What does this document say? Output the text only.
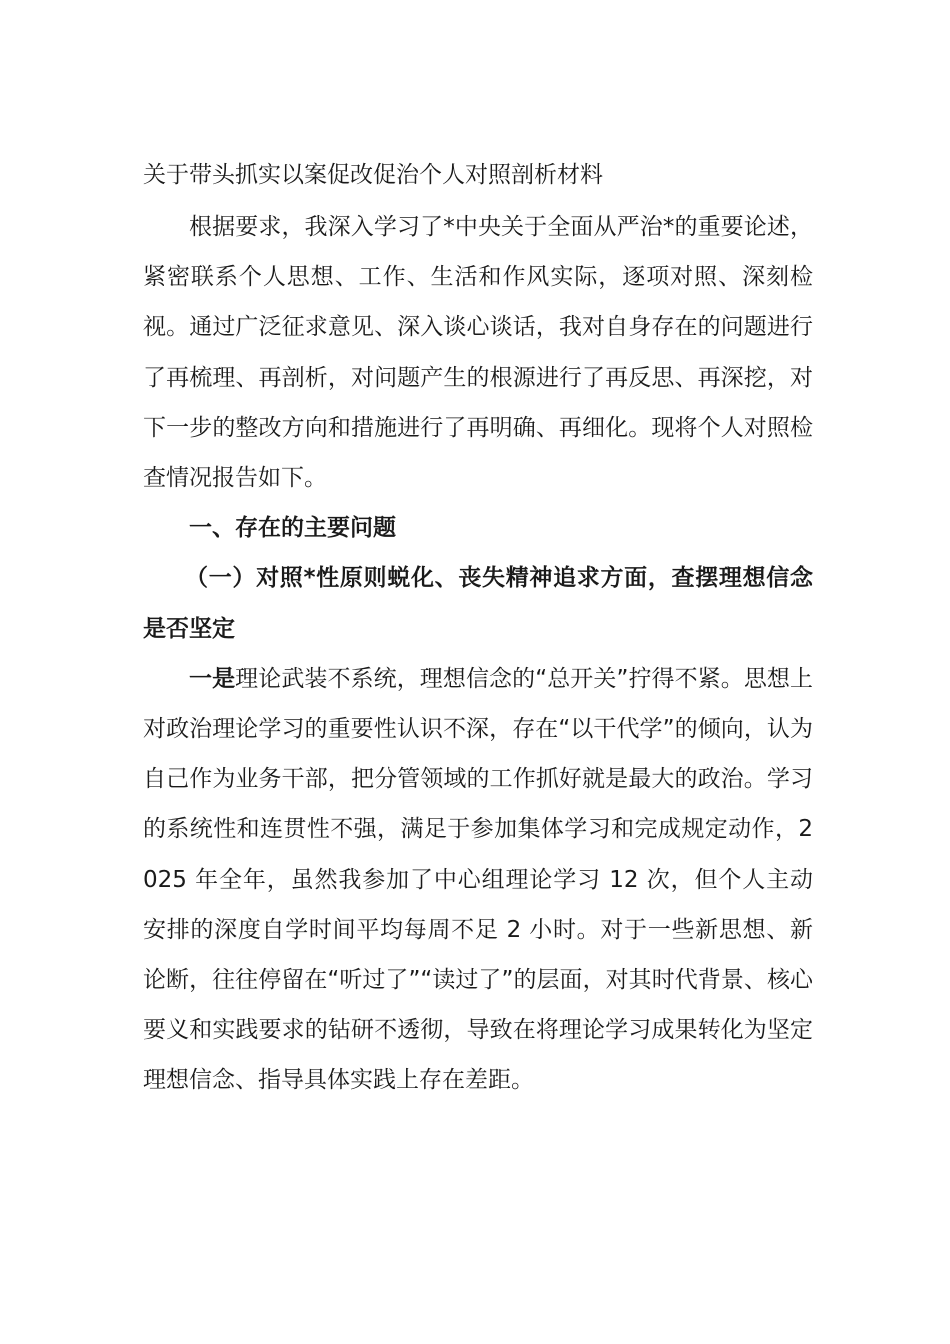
关于带头抓实以案促改促治个人对照剖析材料

根据要求，我深入学习了*中央关于全面从严治*的重要论述，紧密联系个人思想、工作、生活和作风实际，逐项对照、深刻检视。通过广泛征求意见、深入谈心谈话，我对自身存在的问题进行了再梳理、再剖析，对问题产生的根源进行了再反思、再深挖，对下一步的整改方向和措施进行了再明确、再细化。现将个人对照检查情况报告如下。

一、存在的主要问题

（一）对照*性原则蜕化、丧失精神追求方面，查摆理想信念是否坚定

一是理论武装不系统，理想信念的“总开关”拧得不紧。思想上对政治理论学习的重要性认识不深，存在“以干代学”的倾向，认为自己作为业务干部，把分管领域的工作抓好就是最大的政治。学习的系统性和连贯性不强，满足于参加集体学习和完成规定动作，2025 年全年，虽然我参加了中心组理论学习 12 次，但个人主动安排的深度自学时间平均每周不足 2 小时。对于一些新思想、新论断，往往停留在“听过了”“读过了”的层面，对其时代背景、核心要义和实践要求的钻研不透彻，导致在将理论学习成果转化为坚定理想信念、指导具体实践上存在差距。
